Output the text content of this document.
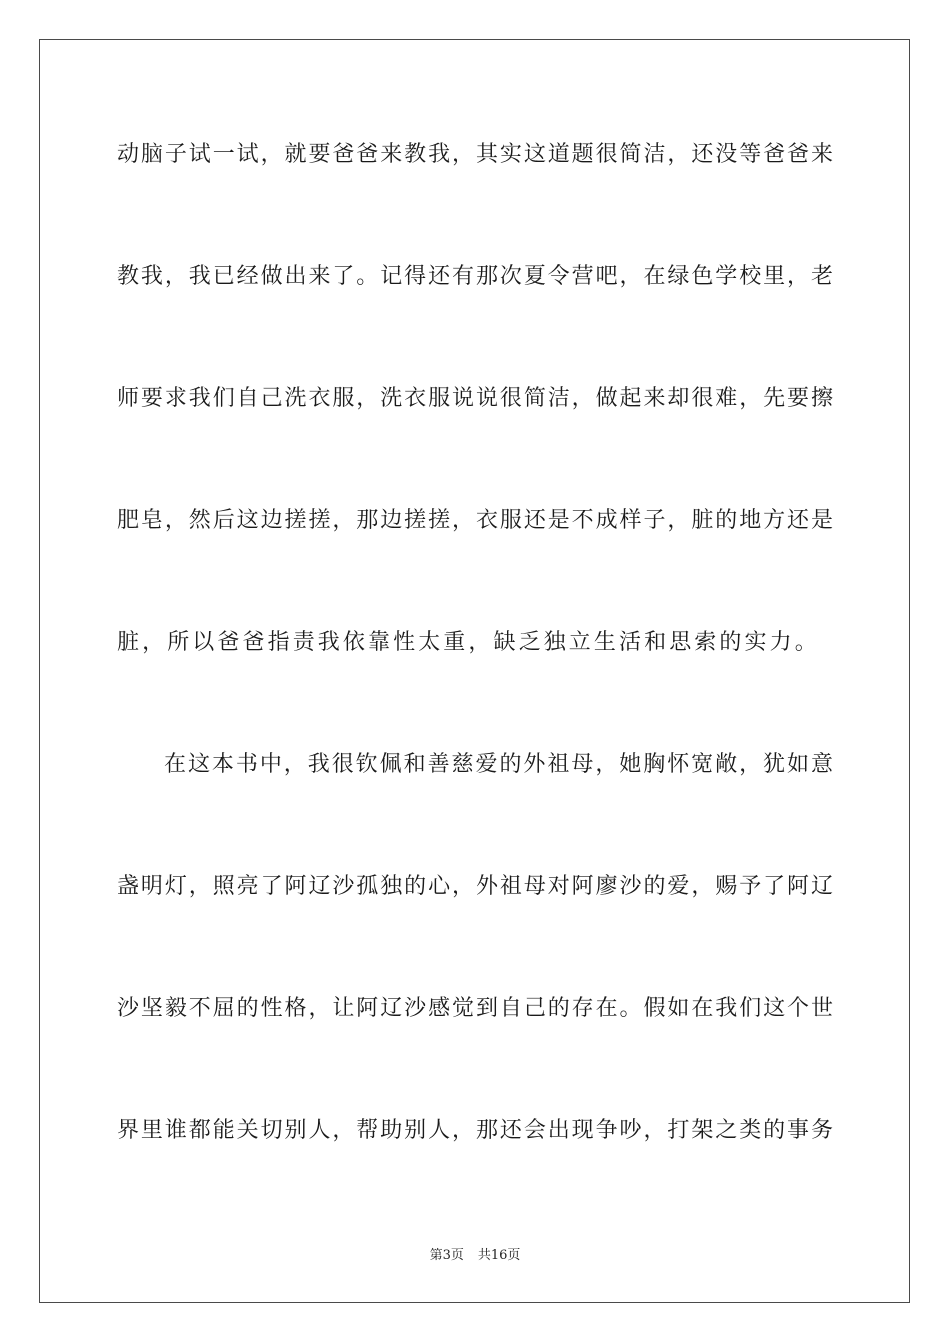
动脑子试一试，就要爸爸来教我，其实这道题很简洁，还没等爸爸来
教我，我已经做出来了。记得还有那次夏令营吧，在绿色学校里，老
师要求我们自己洗衣服，洗衣服说说很简洁，做起来却很难，先要擦
肥皂，然后这边搓搓，那边搓搓，衣服还是不成样子，脏的地方还是
脏，所以爸爸指责我依靠性太重，缺乏独立生活和思索的实力。
在这本书中，我很钦佩和善慈爱的外祖母，她胸怀宽敞，犹如意
盏明灯，照亮了阿辽沙孤独的心，外祖母对阿廖沙的爱，赐予了阿辽
沙坚毅不屈的性格，让阿辽沙感觉到自己的存在。假如在我们这个世
界里谁都能关切别人，帮助别人，那还会出现争吵，打架之类的事务
第3页 共16页
